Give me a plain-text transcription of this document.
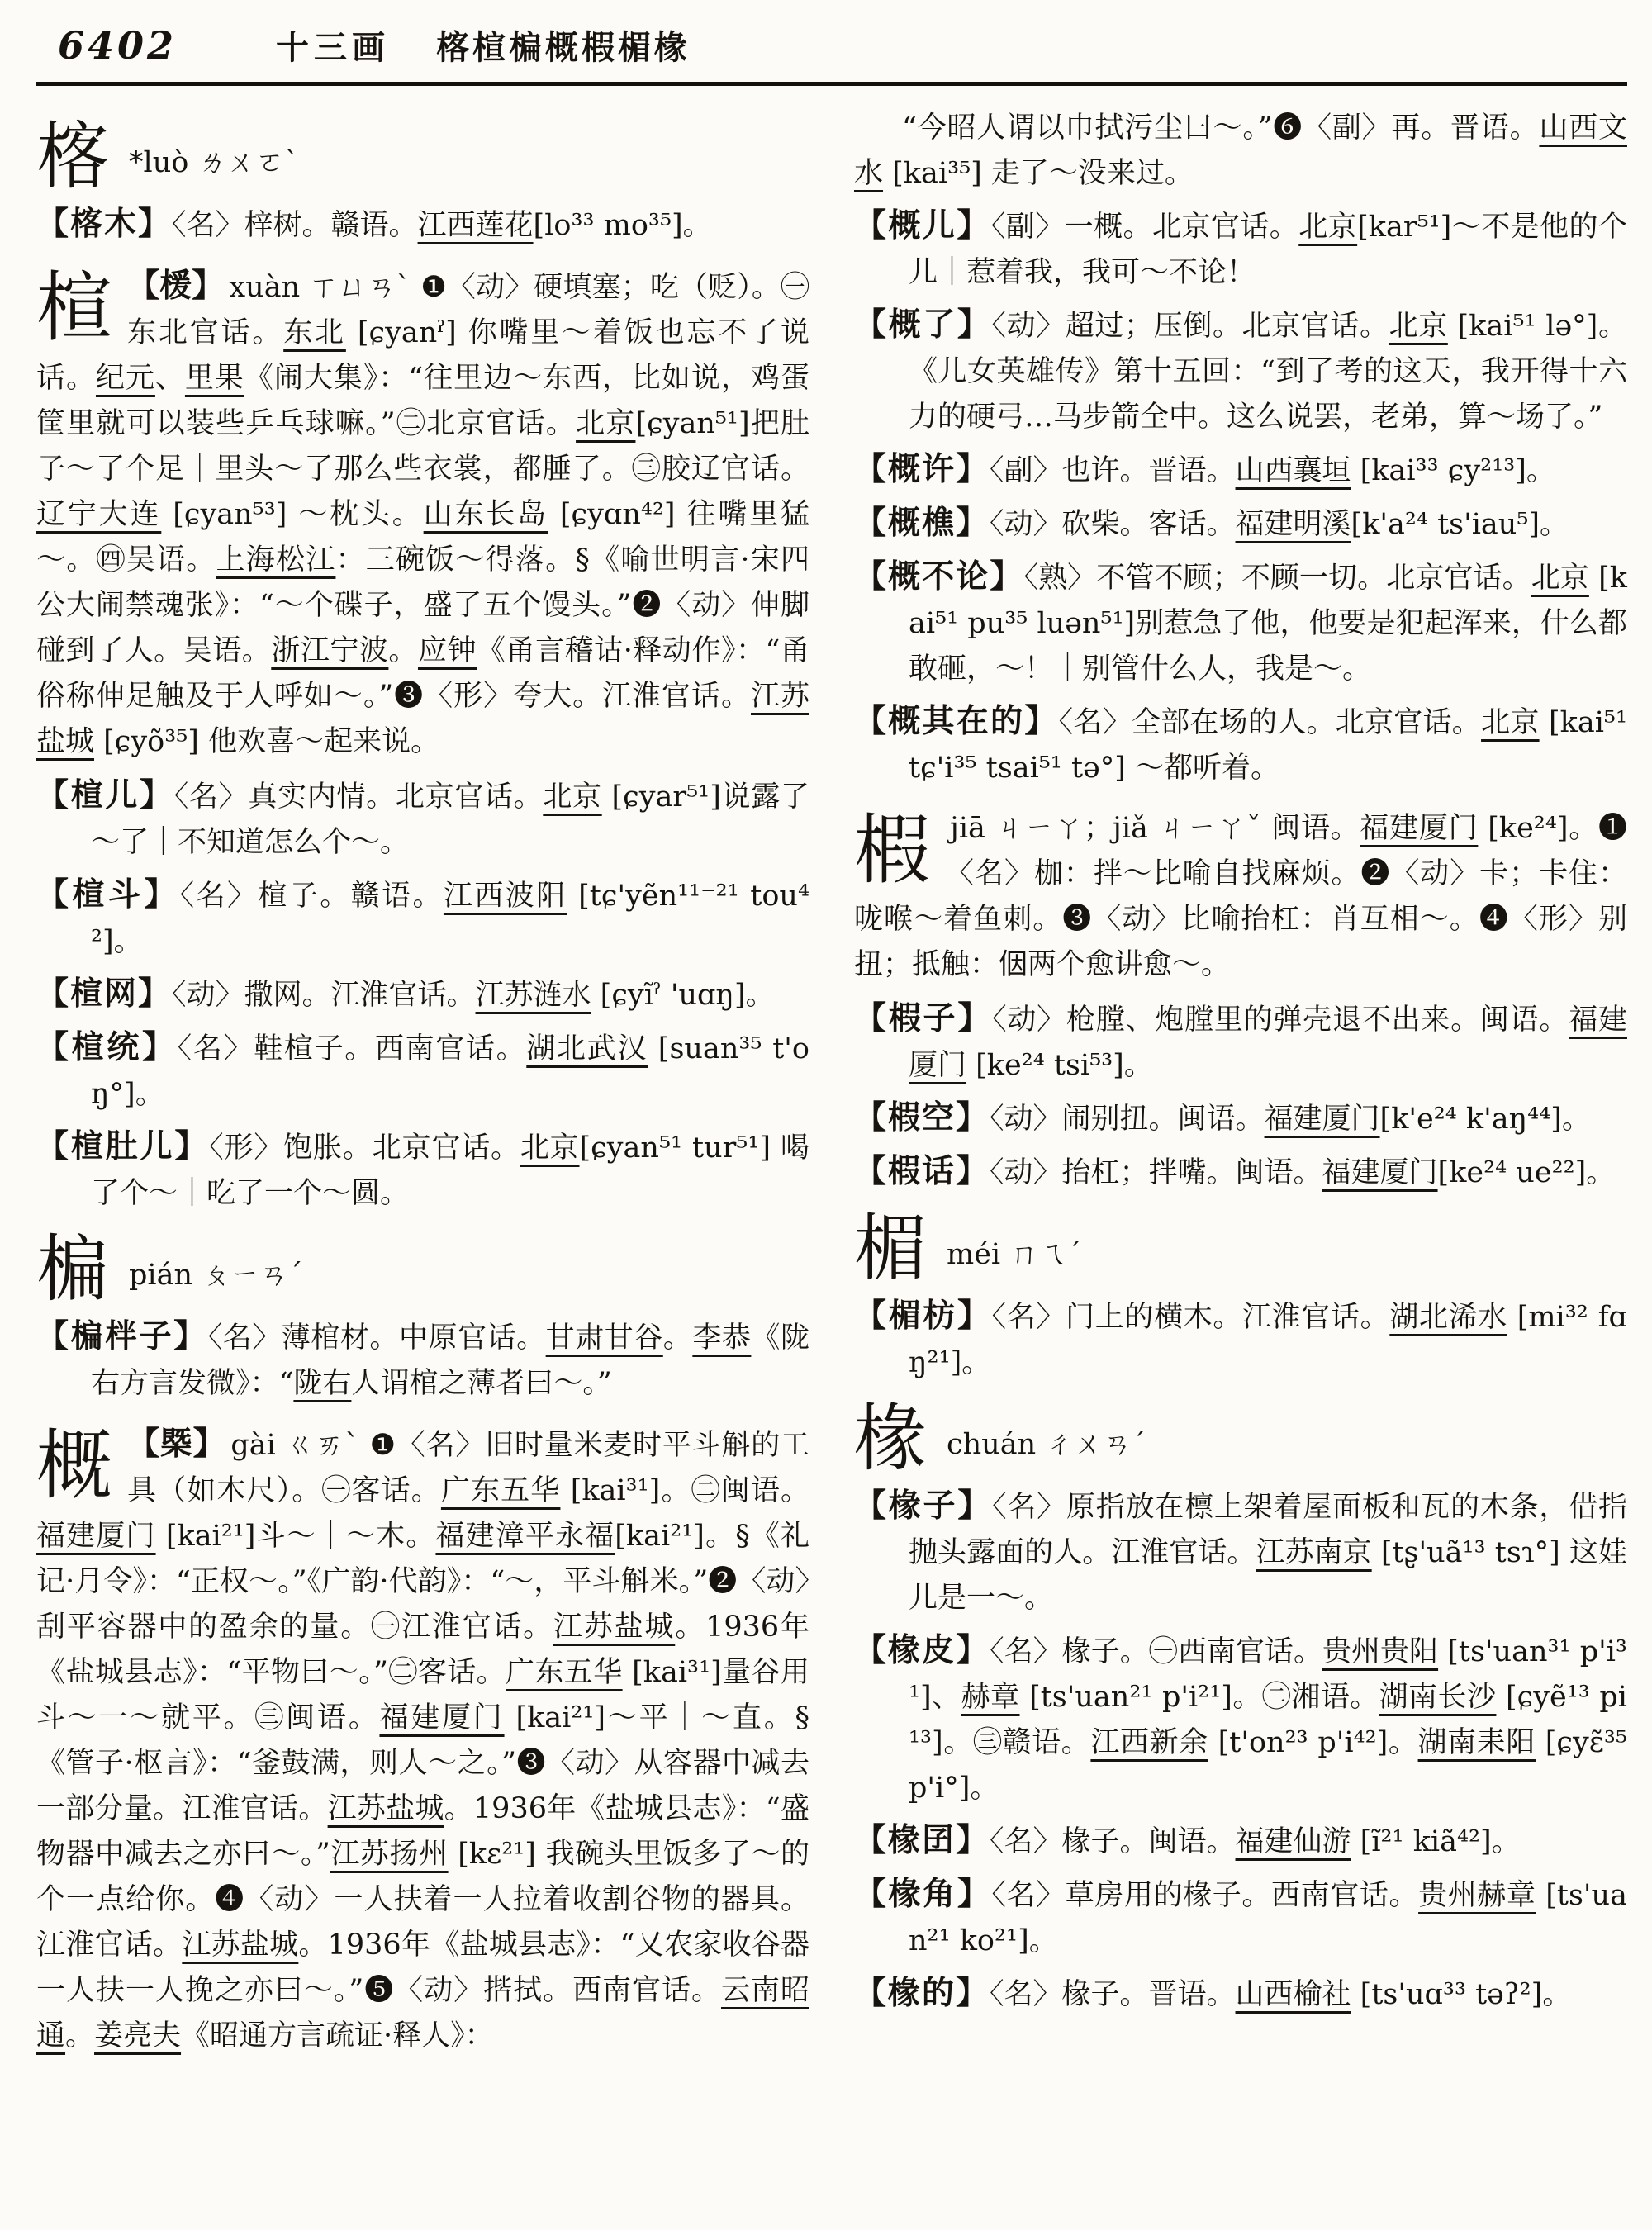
6402	十三画 楁楦楄概椵楣椽

楁 *luò ㄌㄨㄛˋ

【楁木】〈名〉梓树。赣语。江西莲花[lo³³ mo³⁵]。

楦 【楥】 xuàn ㄒㄩㄢˋ ❶〈动〉硬填塞；吃（贬）。㊀东北官话。东北 [ɕyanˀ] 你嘴里～着饭也忘不了说话。纪元、里果《闹大集》：“往里边～东西，比如说，鸡蛋筐里就可以装些乒乓球嘛。”㊁北京官话。北京[ɕyan⁵¹]把肚子～了个足｜里头～了那么些衣裳，都腄了。㊂胶辽官话。辽宁大连 [ɕyan⁵³] ～枕头。山东长岛 [ɕyɑn⁴²] 往嘴里猛～。㊃吴语。上海松江：三碗饭～得落。§《喻世明言·宋四公大闹禁魂张》：“～个碟子，盛了五个馒头。”❷〈动〉伸脚碰到了人。吴语。浙江宁波。应钟《甬言稽诂·释动作》：“甬俗称伸足触及于人呼如～。”❸〈形〉夸大。江淮官话。江苏盐城 [ɕyõ³⁵] 他欢喜～起来说。

【楦儿】〈名〉真实内情。北京官话。北京 [ɕyar⁵¹]说露了～了｜不知道怎么个～。

【楦斗】〈名〉楦子。赣语。江西波阳 [tɕ'yẽn¹¹⁻²¹ tou⁴²]。

【楦网】〈动〉撒网。江淮官话。江苏涟水 [ɕyĩˀ 'uɑŋ]。

【楦统】〈名〉鞋楦子。西南官话。湖北武汉 [suan³⁵ t'oŋ°]。

【楦肚儿】〈形〉饱胀。北京官话。北京[ɕyan⁵¹ tur⁵¹] 喝了个～｜吃了一个～圆。

楄pián ㄆㄧㄢˊ

【楄柈子】〈名〉薄棺材。中原官话。甘肃甘谷。李恭《陇右方言发微》：“陇右人谓棺之薄者曰～。”

概 【槩】 gài ㄍㄞˋ ❶〈名〉旧时量米麦时平斗斛的工具（如木尺）。㊀客话。广东五华 [kai³¹]。㊁闽语。福建厦门 [kai²¹]斗～｜～木。福建漳平永福[kai²¹]。§《礼记·月令》：“正权～。”《广韵·代韵》：“～，平斗斛米。”❷〈动〉刮平容器中的盈余的量。㊀江淮官话。江苏盐城。1936年《盐城县志》：“平物曰～。”㊁客话。广东五华 [kai³¹]量谷用斗～一～就平。㊂闽语。福建厦门 [kai²¹]～平｜～直。§《管子·枢言》：“釜鼓满，则人～之。”❸〈动〉从容器中减去一部分量。江淮官话。江苏盐城。1936年《盐城县志》：“盛物器中减去之亦曰～。”江苏扬州 [kɛ²¹] 我碗头里饭多了～的个一点给你。❹〈动〉一人扶着一人拉着收割谷物的器具。江淮官话。江苏盐城。1936年《盐城县志》：“又农家收谷器一人扶一人挽之亦曰～。”❺〈动〉揩拭。西南官话。云南昭通。姜亮夫《昭通方言疏证·释人》：

“今昭人谓以巾拭污尘曰～。”❻〈副〉再。晋语。山西文水 [kai³⁵] 走了～没来过。

【概儿】〈副〉一概。北京官话。北京[kar⁵¹]～不是他的个儿｜惹着我，我可～不论！

【概了】〈动〉超过；压倒。北京官话。北京 [kai⁵¹ lə°]。《儿女英雄传》第十五回：“到了考的这天，我开得十六力的硬弓…马步箭全中。这么说罢，老弟，算～场了。”

【概许】〈副〉也许。晋语。山西襄垣 [kai³³ ɕy²¹³]。

【概樵】〈动〉砍柴。客话。福建明溪[k'a²⁴ ts'iau⁵]。

【概不论】〈熟〉不管不顾；不顾一切。北京官话。北京 [kai⁵¹ pu³⁵ luən⁵¹]别惹急了他，他要是犯起浑来，什么都敢砸，～！｜别管什么人，我是～。

【概其在的】〈名〉全部在场的人。北京官话。北京 [kai⁵¹ tɕ'i³⁵ tsai⁵¹ tə°] ～都听着。

椵jiā ㄐㄧㄚ；jiǎ ㄐㄧㄚˇ 闽语。福建厦门 [ke²⁴]。❶〈名〉枷：拌～比喻自找麻烦。❷〈动〉卡；卡住：咙喉～着鱼刺。❸〈动〉比喻抬杠：肖互相～。❹〈形〉别扭；抵触：𪜶两个愈讲愈～。

【椵子】〈动〉枪膛、炮膛里的弹壳退不出来。闽语。福建厦门 [ke²⁴ tsi⁵³]。

【椵空】〈动〉闹别扭。闽语。福建厦门[k'e²⁴ k'aŋ⁴⁴]。

【椵话】〈动〉抬杠；拌嘴。闽语。福建厦门[ke²⁴ ue²²]。

楣méi ㄇㄟˊ

【楣枋】〈名〉门上的横木。江淮官话。湖北浠水 [mi³² fɑŋ²¹]。

椽chuán ㄔㄨㄢˊ

【椽子】〈名〉原指放在檩上架着屋面板和瓦的木条，借指抛头露面的人。江淮官话。江苏南京 [tʂ'uã¹³ tsɿ°] 这娃儿是一～。

【椽皮】〈名〉椽子。㊀西南官话。贵州贵阳 [ts'uan³¹ p'i³¹]、赫章 [ts'uan²¹ p'i²¹]。㊁湘语。湖南长沙 [ɕyẽ¹³ pi¹³]。㊂赣语。江西新余 [t'on²³ p'i⁴²]。湖南耒阳 [ɕyɛ̃³⁵ p'i°]。

【椽囝】〈名〉椽子。闽语。福建仙游 [ĩ²¹ kiã⁴²]。

【椽角】〈名〉草房用的椽子。西南官话。贵州赫章 [ts'uan²¹ ko²¹]。

【椽的】〈名〉椽子。晋语。山西榆社 [ts'uɑ³³ təʔ²]。
